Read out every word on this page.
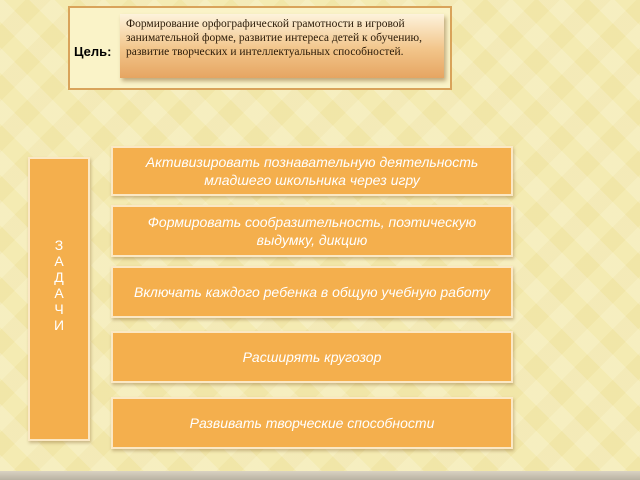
Цель:
Формирование орфографической грамотности в игровой занимательной форме, развитие интереса детей к обучению, развитие творческих и интеллектуальных способностей.
З
А
Д
А
Ч
И
Активизировать познавательную деятельность младшего школьника через игру
Формировать сообразительность, поэтическую выдумку, дикцию
Включать каждого ребенка в общую учебную работу
Расширять кругозор
Развивать творческие способности
